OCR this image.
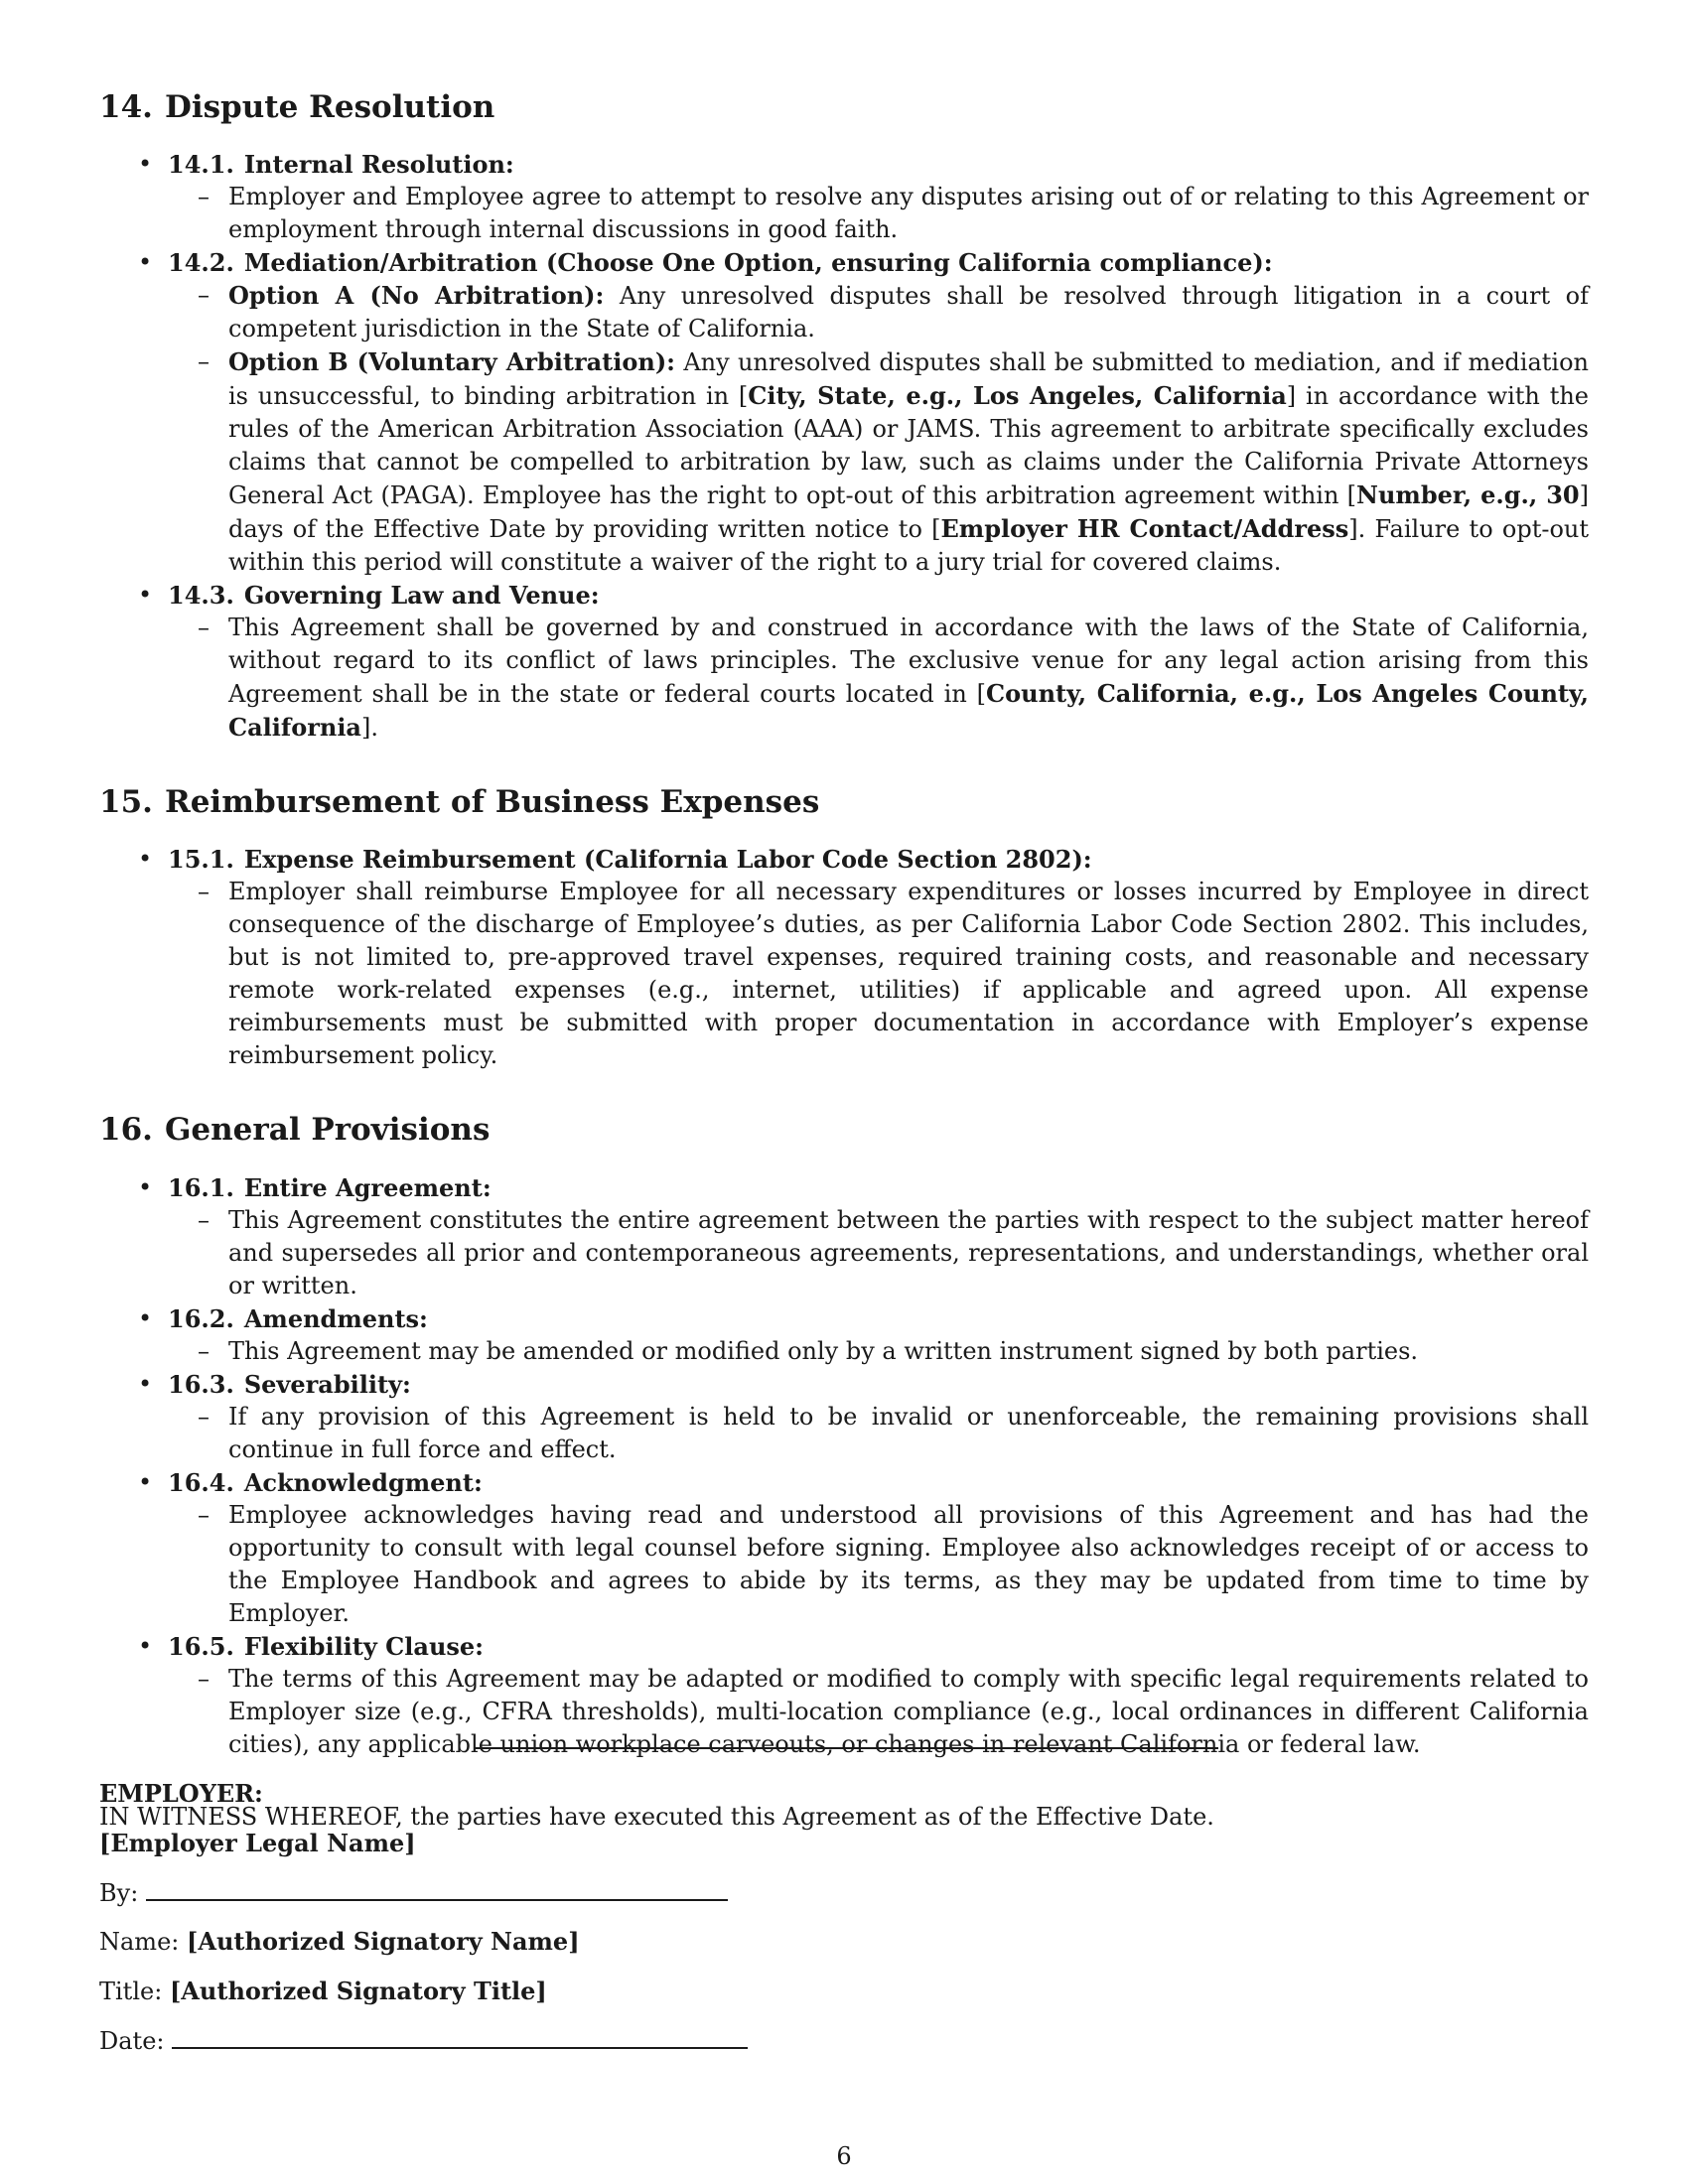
14. Dispute Resolution
• 14.1. Internal Resolution:
– Employer and Employee agree to attempt to resolve any disputes arising out of or relating to this Agreement or employment through internal discussions in good faith.
• 14.2. Mediation/Arbitration (Choose One Option, ensuring California compliance):
– Option A (No Arbitration): Any unresolved disputes shall be resolved through litigation in a court of competent jurisdiction in the State of California.
– Option B (Voluntary Arbitration): Any unresolved disputes shall be submitted to mediation, and if mediation is unsuccessful, to binding arbitration in [City, State, e.g., Los Angeles, California] in accordance with the rules of the American Arbitration Association (AAA) or JAMS. This agreement to arbitrate specifically excludes claims that cannot be compelled to arbitration by law, such as claims under the California Private Attorneys General Act (PAGA). Employee has the right to opt-out of this arbitration agreement within [Number, e.g., 30] days of the Effective Date by providing written notice to [Employer HR Contact/Address]. Failure to opt-out within this period will constitute a waiver of the right to a jury trial for covered claims.
• 14.3. Governing Law and Venue:
– This Agreement shall be governed by and construed in accordance with the laws of the State of California, without regard to its conflict of laws principles. The exclusive venue for any legal action arising from this Agreement shall be in the state or federal courts located in [County, California, e.g., Los Angeles County, California].
15. Reimbursement of Business Expenses
• 15.1. Expense Reimbursement (California Labor Code Section 2802):
– Employer shall reimburse Employee for all necessary expenditures or losses incurred by Employee in direct consequence of the discharge of Employee’s duties, as per California Labor Code Section 2802. This includes, but is not limited to, pre-approved travel expenses, required training costs, and reasonable and necessary remote work-related expenses (e.g., internet, utilities) if applicable and agreed upon. All expense reimbursements must be submitted with proper documentation in accordance with Employer’s expense reimbursement policy.
16. General Provisions
• 16.1. Entire Agreement:
– This Agreement constitutes the entire agreement between the parties with respect to the subject matter hereof and supersedes all prior and contemporaneous agreements, representations, and understandings, whether oral or written.
• 16.2. Amendments:
– This Agreement may be amended or modified only by a written instrument signed by both parties.
• 16.3. Severability:
– If any provision of this Agreement is held to be invalid or unenforceable, the remaining provisions shall continue in full force and effect.
• 16.4. Acknowledgment:
– Employee acknowledges having read and understood all provisions of this Agreement and has had the opportunity to consult with legal counsel before signing. Employee also acknowledges receipt of or access to the Employee Handbook and agrees to abide by its terms, as they may be updated from time to time by Employer.
• 16.5. Flexibility Clause:
– The terms of this Agreement may be adapted or modified to comply with specific legal requirements related to Employer size (e.g., CFRA thresholds), multi-location compliance (e.g., local ordinances in different California cities), any applicable union workplace carveouts, or changes in relevant California or federal law.
IN WITNESS WHEREOF, the parties have executed this Agreement as of the Effective Date.
EMPLOYER:
[Employer Legal Name]
By:
Name: [Authorized Signatory Name]
Title: [Authorized Signatory Title]
Date:
6
